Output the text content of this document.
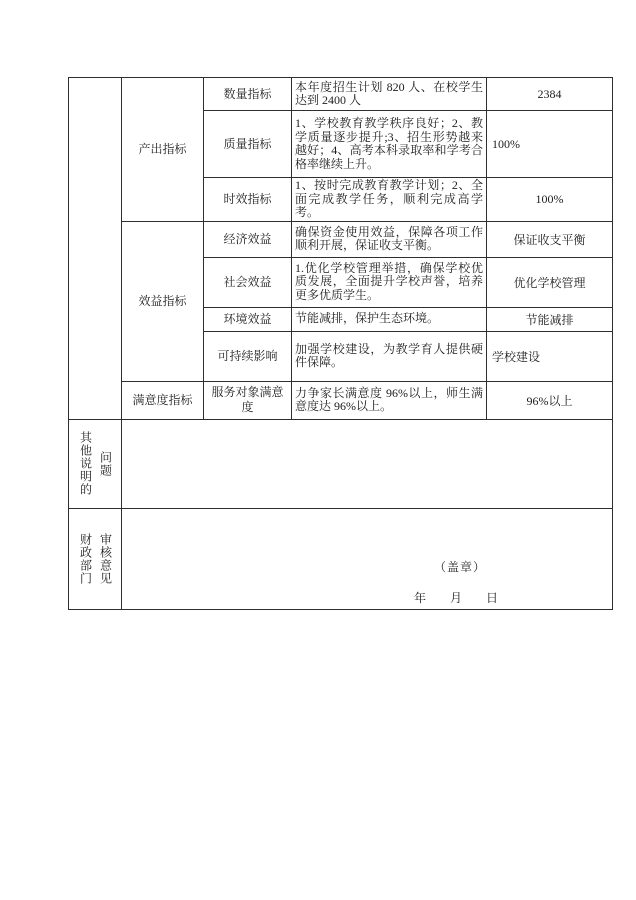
	产出指标	数量指标	本年度招生计划 820 人、在校学生达到 2400 人	2384
		质量指标	1、学校教育教学秩序良好；2、教学质量逐步提升;3、招生形势越来越好；4、高考本科录取率和学考合格率继续上升。	100%
		时效指标	1、按时完成教育教学计划；2、全面完成教学任务，顺利完成高学考。	100%
	效益指标	经济效益	确保资金使用效益，保障各项工作顺利开展，保证收支平衡。	保证收支平衡
		社会效益	1.优化学校管理举措，确保学校优质发展，全面提升学校声誉，培养更多优质学生。	优化学校管理
		环境效益	节能减排，保护生态环境。	节能减排
		可持续影响	加强学校建设，为教学育人提供硬件保障。	学校建设
	满意度指标	服务对象满意度	力争家长满意度 96%以上，师生满意度达 96%以上。	96%以上

其他说明的 问题				

财政部门 审核意见	（盖章）
年　　月　　日			
